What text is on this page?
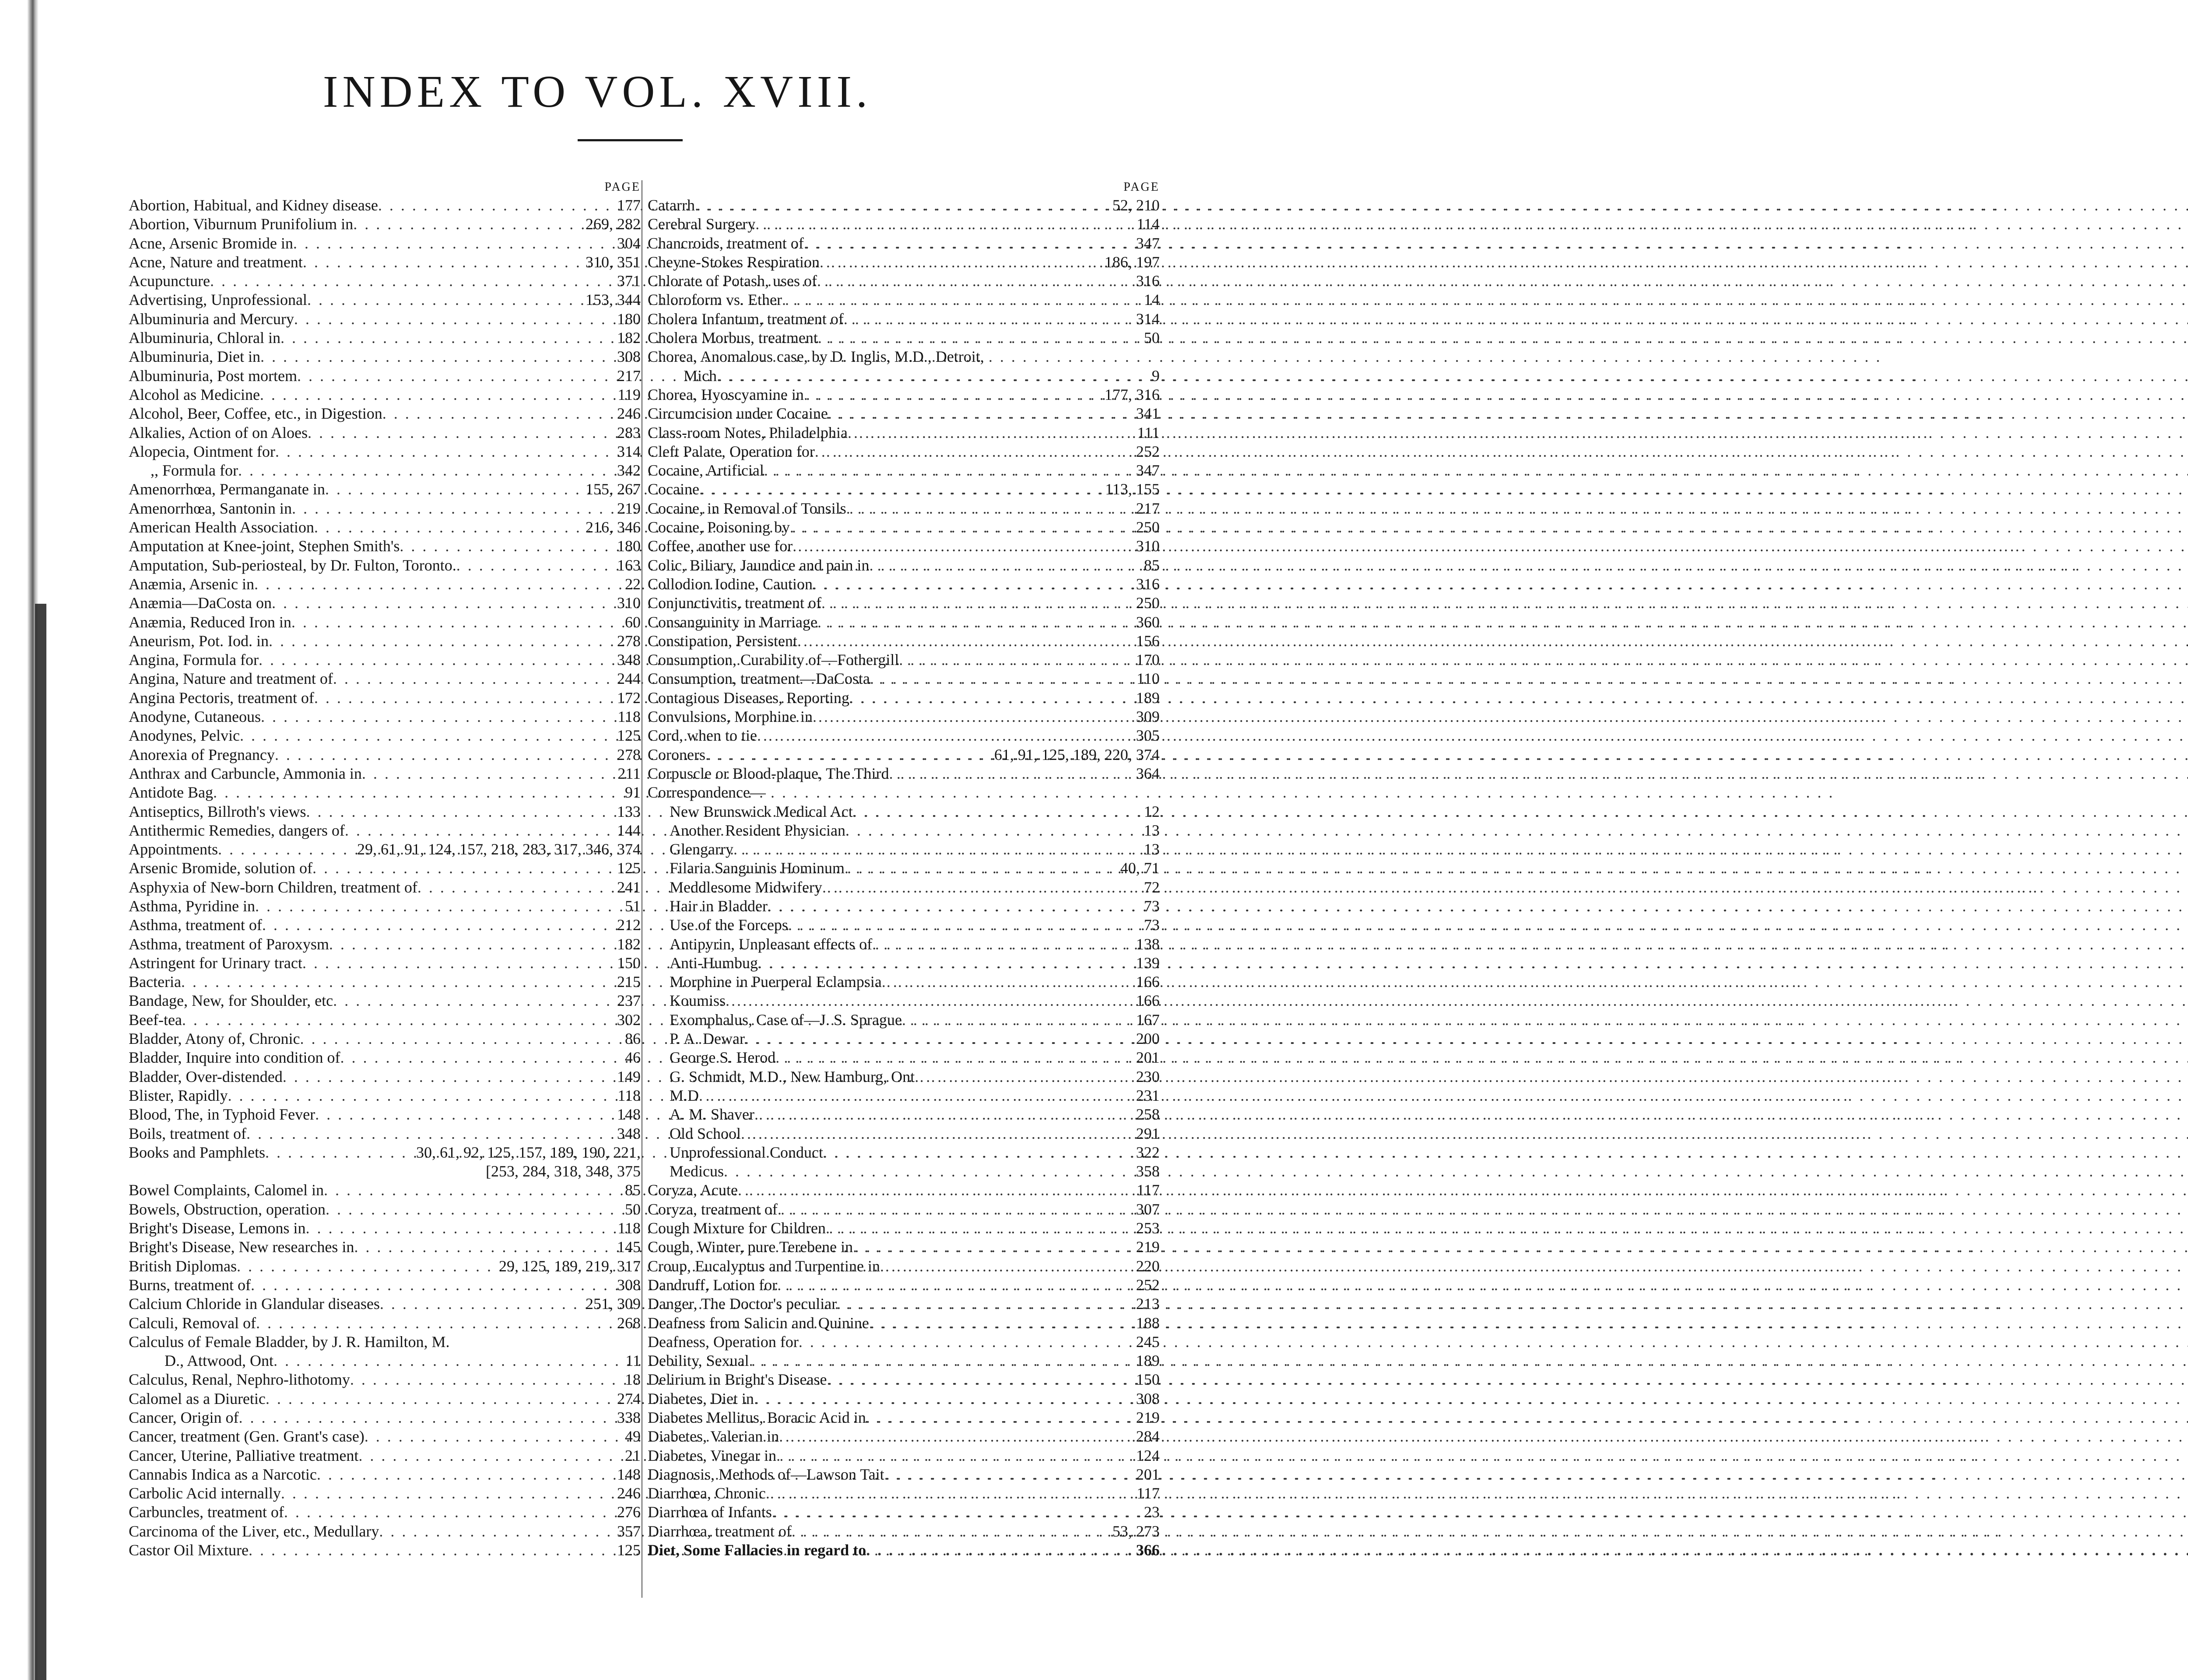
INDEX TO VOL. XVIII.
PAGE
Abortion, Habitual, and Kidney disease . . .	177
Abortion, Viburnum Prunifolium in . . .	269, 282
Acne, Arsenic Bromide in . . .	304
Acne, Nature and treatment . . .	310, 351
Acupuncture . . .	371
Advertising, Unprofessional . . .	153, 344
Albuminuria and Mercury . . .	180
Albuminuria, Chloral in . . .	182
Albuminuria, Diet in . . .	308
Albuminuria, Post mortem . . .	217
Alcohol as Medicine . . .	119
Alcohol, Beer, Coffee, etc., in Digestion . . .	246
Alkalies, Action of on Aloes . . .	283
Alopecia, Ointment for . . .	314
,, Formula for . . .	342
Amenorrhœa, Permanganate in . . .	155, 267
Amenorrhœa, Santonin in . . .	219
American Health Association . . .	216, 346
Amputation at Knee-joint, Stephen Smith's . . .	180
Amputation, Sub-periosteal, by Dr. Fulton, Toronto. . . .	163
Anæmia, Arsenic in . . .	22
Anæmia—DaCosta on . . .	310
Anæmia, Reduced Iron in . . .	60
Aneurism, Pot. Iod. in . . .	278
Angina, Formula for . . .	348
Angina, Nature and treatment of . . .	244
Angina Pectoris, treatment of . . .	172
Anodyne, Cutaneous . . .	118
Anodynes, Pelvic . . .	125
Anorexia of Pregnancy . . .	278
Anthrax and Carbuncle, Ammonia in . . .	211
Antidote Bag . . .	91
Antiseptics, Billroth's views . . .	133
Antithermic Remedies, dangers of . . .	144
Appointments . . .	29, 61, 91, 124, 157, 218, 283, 317, 346, 374
Arsenic Bromide, solution of . . .	125
Asphyxia of New-born Children, treatment of . . .	241
Asthma, Pyridine in . . .	51
Asthma, treatment of . . .	212
Asthma, treatment of Paroxysm . . .	182
Astringent for Urinary tract . . .	150
Bacteria . . .	215
Bandage, New, for Shoulder, etc . . .	237
Beef-tea . . .	302
Bladder, Atony of, Chronic . . .	86
Bladder, Inquire into condition of . . .	46
Bladder, Over-distended . . .	149
Blister, Rapidly . . .	118
Blood, The, in Typhoid Fever . . .	148
Boils, treatment of . . .	348
Books and Pamphlets . . .	30, 61, 92, 125, 157, 189, 190, 221,
[253, 284, 318, 348, 375
Bowel Complaints, Calomel in . . .	85
Bowels, Obstruction, operation . . .	50
Bright's Disease, Lemons in . . .	118
Bright's Disease, New researches in . . .	145
British Diplomas . . .	29, 125, 189, 219, 317
Burns, treatment of . . .	308
Calcium Chloride in Glandular diseases . . .	251, 309
Calculi, Removal of . . .	268
Calculus of Female Bladder, by J. R. Hamilton, M.
D., Attwood, Ont . . .	11
Calculus, Renal, Nephro-lithotomy . . .	18
Calomel as a Diuretic . . .	274
Cancer, Origin of . . .	338
Cancer, treatment (Gen. Grant's case) . . .	49
Cancer, Uterine, Palliative treatment . . .	21
Cannabis Indica as a Narcotic . . .	148
Carbolic Acid internally . . .	246
Carbuncles, treatment of . . .	276
Carcinoma of the Liver, etc., Medullary . . .	357
Castor Oil Mixture . . .	125
PAGE
Catarrh . . .	52, 210
Cerebral Surgery . . .	114
Chancroids, treatment of . . .	347
Cheyne-Stokes Respiration . . .	186, 197
Chlorate of Potash, uses of . . .	316
Chloroform vs. Ether . . .	14
Cholera Infantum, treatment of . . .	314
Cholera Morbus, treatment . . .	50
Chorea, Anomalous case, by D. Inglis, M.D., Detroit,
Mich . . .	9
Chorea, Hyoscyamine in . . .	177, 316
Circumcision under Cocaine . . .	341
Class-room Notes, Philadelphia . . .	111
Cleft Palate, Operation for . . .	252
Cocaine, Artificial . . .	347
Cocaine . . .	113, 155
Cocaine, in Removal of Tonsils . . .	217
Cocaine, Poisoning by . . .	250
Coffee, another use for . . .	310
Colic, Biliary, Jaundice and pain in . . .	85
Collodion Iodine, Caution . . .	316
Conjunctivitis, treatment of . . .	250
Consanguinity in Marriage . . .	360
Constipation, Persistent . . .	156
Consumption, Curability of—Fothergill . . .	170
Consumption, treatment—DaCosta . . .	110
Contagious Diseases, Reporting . . .	189
Convulsions, Morphine in . . .	309
Cord, when to tie . . .	305
Coroners . . .	61, 91, 125, 189, 220, 374
Corpuscle or Blood-plaque, The Third . . .	364
Correspondence—
New Brunswick Medical Act . . .	12
Another Resident Physician . . .	13
Glengarry . . .	13
Filaria Sanguinis Hominum . . .	40, 71
Meddlesome Midwifery . . .	72
Hair in Bladder . . .	73
Use of the Forceps . . .	73
Antipyrin, Unpleasant effects of . . .	138
Anti-Humbug . . .	139
Morphine in Puerperal Eclampsia . . .	166
Koumiss . . .	166
Exomphalus, Case of—J. S. Sprague . . .	167
P. A. Dewar . . .	200
George S. Herod . . .	201
G. Schmidt, M.D., New Hamburg, Ont . . .	230
M.D . . .	231
A. M. Shaver . . .	258
Old School . . .	291
Unprofessional Conduct . . .	322
Medicus . . .	358
Coryza, Acute . . .	117
Coryza, treatment of . . .	307
Cough Mixture for Children . . .	253
Cough, Winter, pure Terebene in . . .	219
Croup, Eucalyptus and Turpentine in . . .	220
Dandruff, Lotion for . . .	252
Danger, The Doctor's peculiar . . .	213
Deafness from Salicin and Quinine . . .	188
Deafness, Operation for . . .	245
Debility, Sexual . . .	189
Delirium in Bright's Disease . . .	150
Diabetes, Diet in . . .	308
Diabetes Mellitus, Boracic Acid in . . .	219
Diabetes, Valerian in . . .	284
Diabetes, Vinegar in . . .	124
Diagnosis, Methods of—Lawson Tait . . .	201
Diarrhœa, Chronic . . .	117
Diarrhœa of Infants . . .	23
Diarrhœa, treatment of . . .	53, 273
Diet, Some Fallacies in regard to . . .	366
